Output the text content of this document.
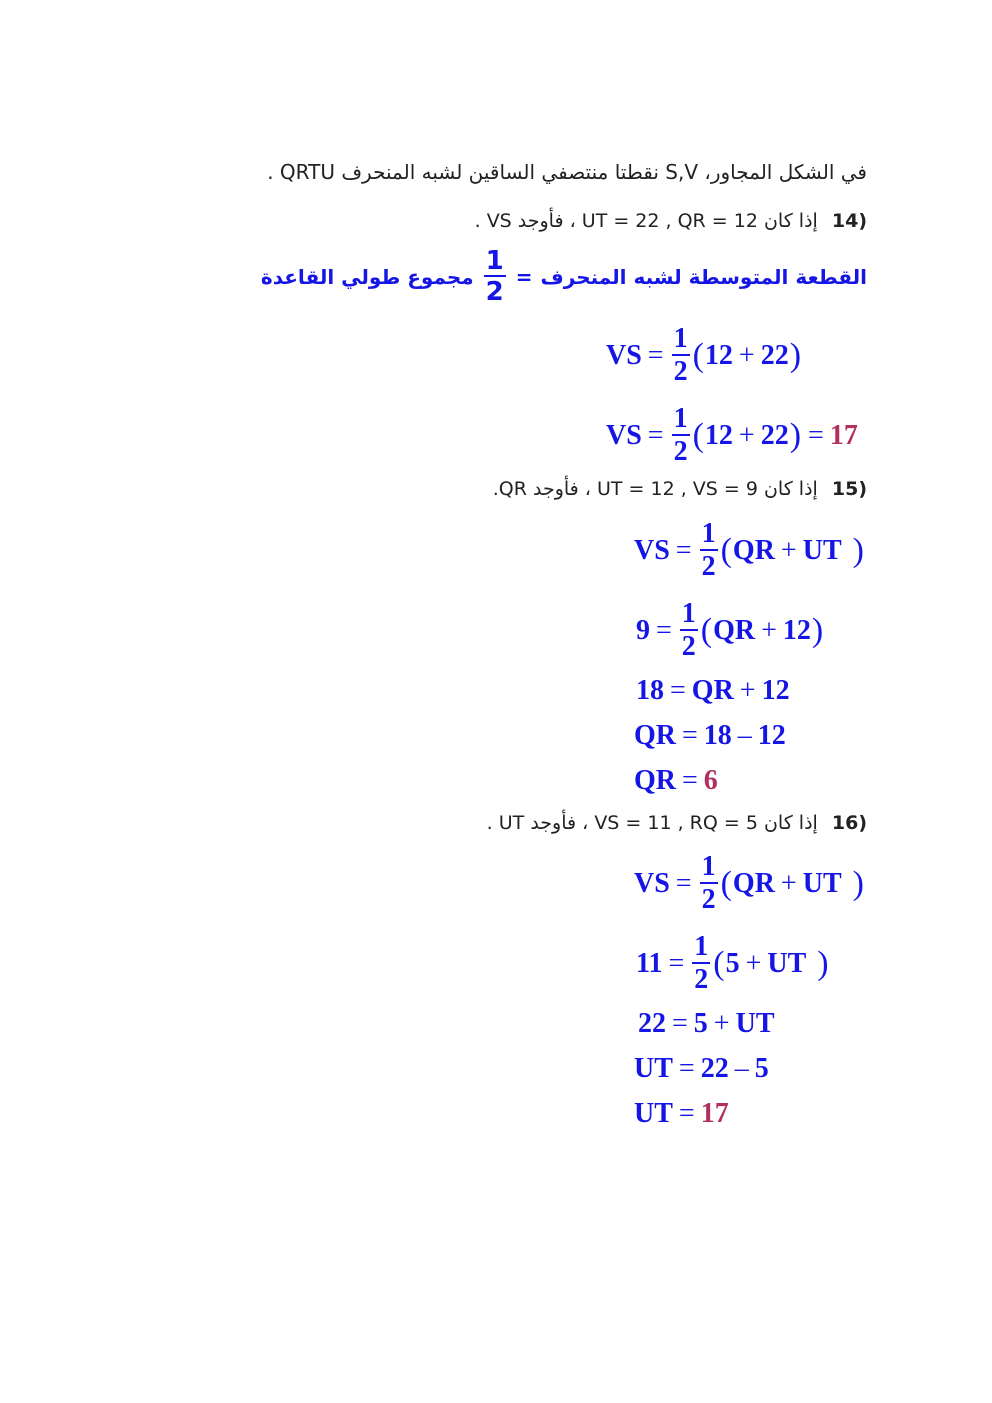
في الشكل المجاور، S,V نقطتا منتصفي الساقين لشبه المنحرف QRTU .
(14 إذا كان UT = 22 , QR = 12 ، فأوجد VS .
القطعة المتوسطة لشبه المنحرف
=
$\frac{1}{2}$
مجموع طولي القاعدة
VS = $\frac{1}{2}$ ( 12 + 22 )
VS = $\frac{1}{2}$ ( 12 + 22 ) = 17
(15 إذا كان UT = 12 , VS = 9 ، فأوجد QR.
VS = $\frac{1}{2}$ ( QR + UT )
$9 = \frac{1}{2}$ ( QR + 12 )
18 = QR + 12
QR = 18 – 12
QR = 6
(16 إذا كان VS = 11 , RQ = 5 ، فأوجد UT .
VS = $\frac{1}{2}$ ( QR + UT )
$11 = \frac{1}{2}$ ( 5 + UT )
22 = 5 + UT
UT = 22 – 5
UT = 17
